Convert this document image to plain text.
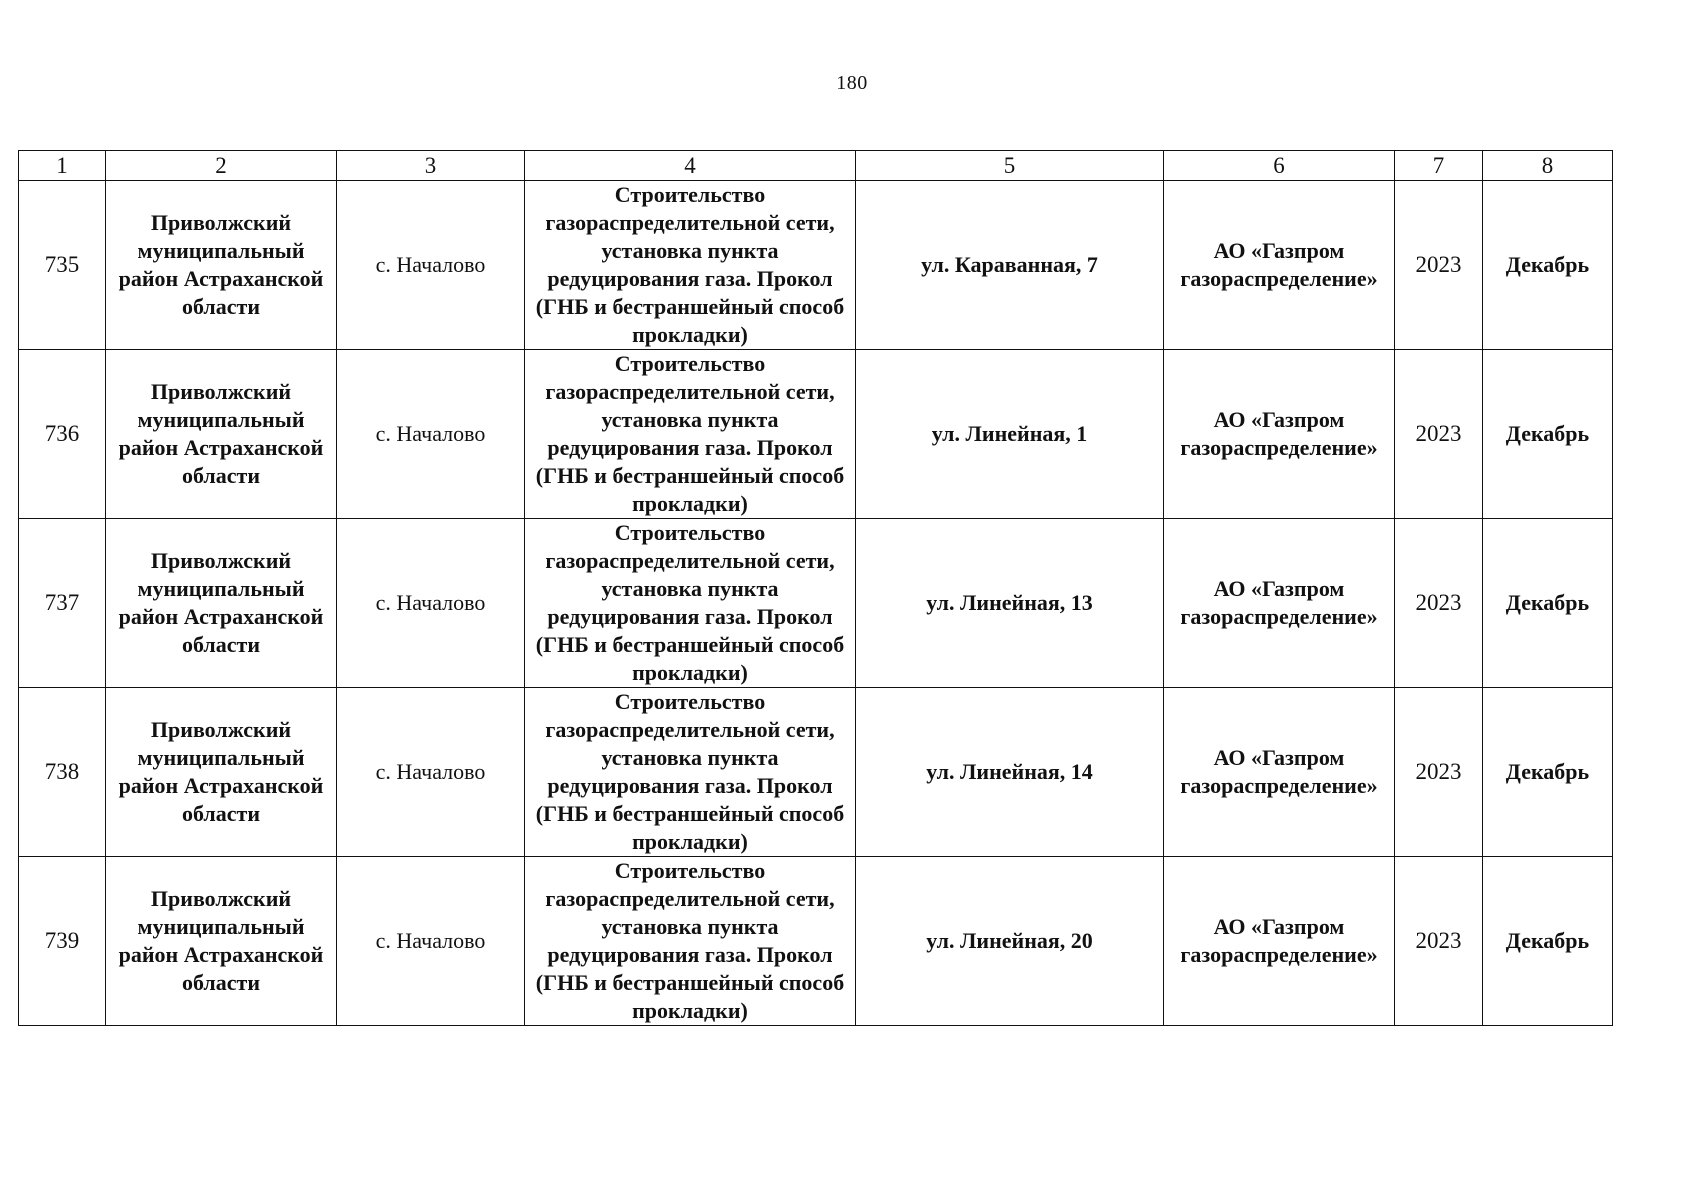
180
1	2	3	4	5	6	7	8
735	Приволжский муниципальный район Астраханской области	с. Началово	Строительство газораспределительной сети, установка пункта редуцирования газа. Прокол (ГНБ и бестраншейный способ прокладки)	ул. Караванная, 7	АО «Газпром газораспределение»	2023	Декабрь
736	Приволжский муниципальный район Астраханской области	с. Началово	Строительство газораспределительной сети, установка пункта редуцирования газа. Прокол (ГНБ и бестраншейный способ прокладки)	ул. Линейная, 1	АО «Газпром газораспределение»	2023	Декабрь
737	Приволжский муниципальный район Астраханской области	с. Началово	Строительство газораспределительной сети, установка пункта редуцирования газа. Прокол (ГНБ и бестраншейный способ прокладки)	ул. Линейная, 13	АО «Газпром газораспределение»	2023	Декабрь
738	Приволжский муниципальный район Астраханской области	с. Началово	Строительство газораспределительной сети, установка пункта редуцирования газа. Прокол (ГНБ и бестраншейный способ прокладки)	ул. Линейная, 14	АО «Газпром газораспределение»	2023	Декабрь
739	Приволжский муниципальный район Астраханской области	с. Началово	Строительство газораспределительной сети, установка пункта редуцирования газа. Прокол (ГНБ и бестраншейный способ прокладки)	ул. Линейная, 20	АО «Газпром газораспределение»	2023	Декабрь
